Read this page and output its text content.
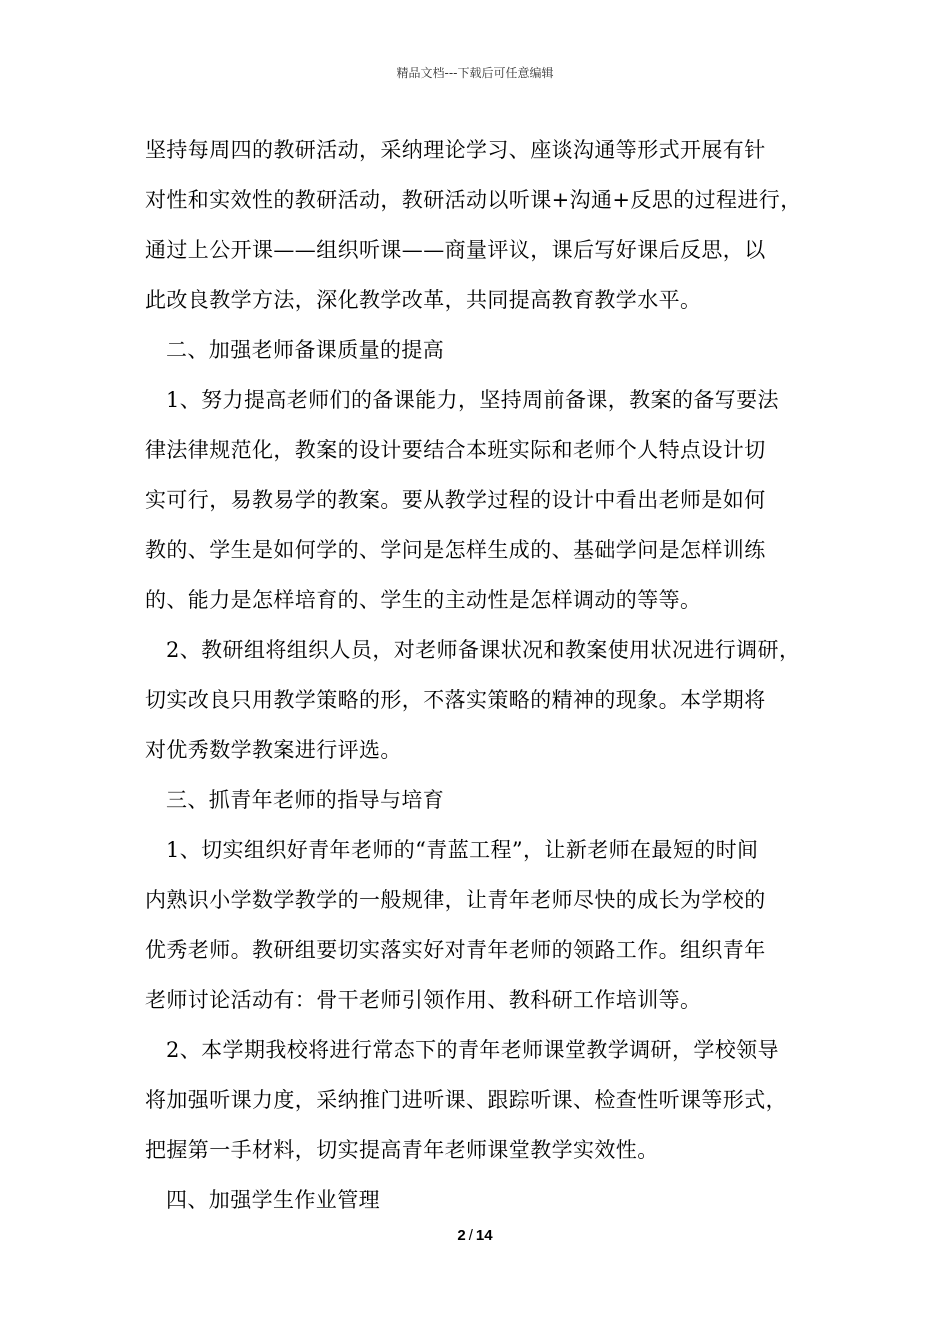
精品文档---下载后可任意编辑
坚持每周四的教研活动，采纳理论学习、座谈沟通等形式开展有针
对性和实效性的教研活动，教研活动以听课+沟通+反思的过程进行，
通过上公开课——组织听课——商量评议，课后写好课后反思，以
此改良教学方法，深化教学改革，共同提高教育教学水平。
二、加强老师备课质量的提高
1、努力提高老师们的备课能力，坚持周前备课，教案的备写要法
律法律规范化，教案的设计要结合本班实际和老师个人特点设计切
实可行，易教易学的教案。要从教学过程的设计中看出老师是如何
教的、学生是如何学的、学问是怎样生成的、基础学问是怎样训练
的、能力是怎样培育的、学生的主动性是怎样调动的等等。
2、教研组将组织人员，对老师备课状况和教案使用状况进行调研，
切实改良只用教学策略的形，不落实策略的精神的现象。本学期将
对优秀数学教案进行评选。
三、抓青年老师的指导与培育
1、切实组织好青年老师的“青蓝工程”，让新老师在最短的时间
内熟识小学数学教学的一般规律，让青年老师尽快的成长为学校的
优秀老师。教研组要切实落实好对青年老师的领路工作。组织青年
老师讨论活动有：骨干老师引领作用、教科研工作培训等。
2、本学期我校将进行常态下的青年老师课堂教学调研，学校领导
将加强听课力度，采纳推门进听课、跟踪听课、检查性听课等形式，
把握第一手材料，切实提高青年老师课堂教学实效性。
四、加强学生作业管理
2 / 14
